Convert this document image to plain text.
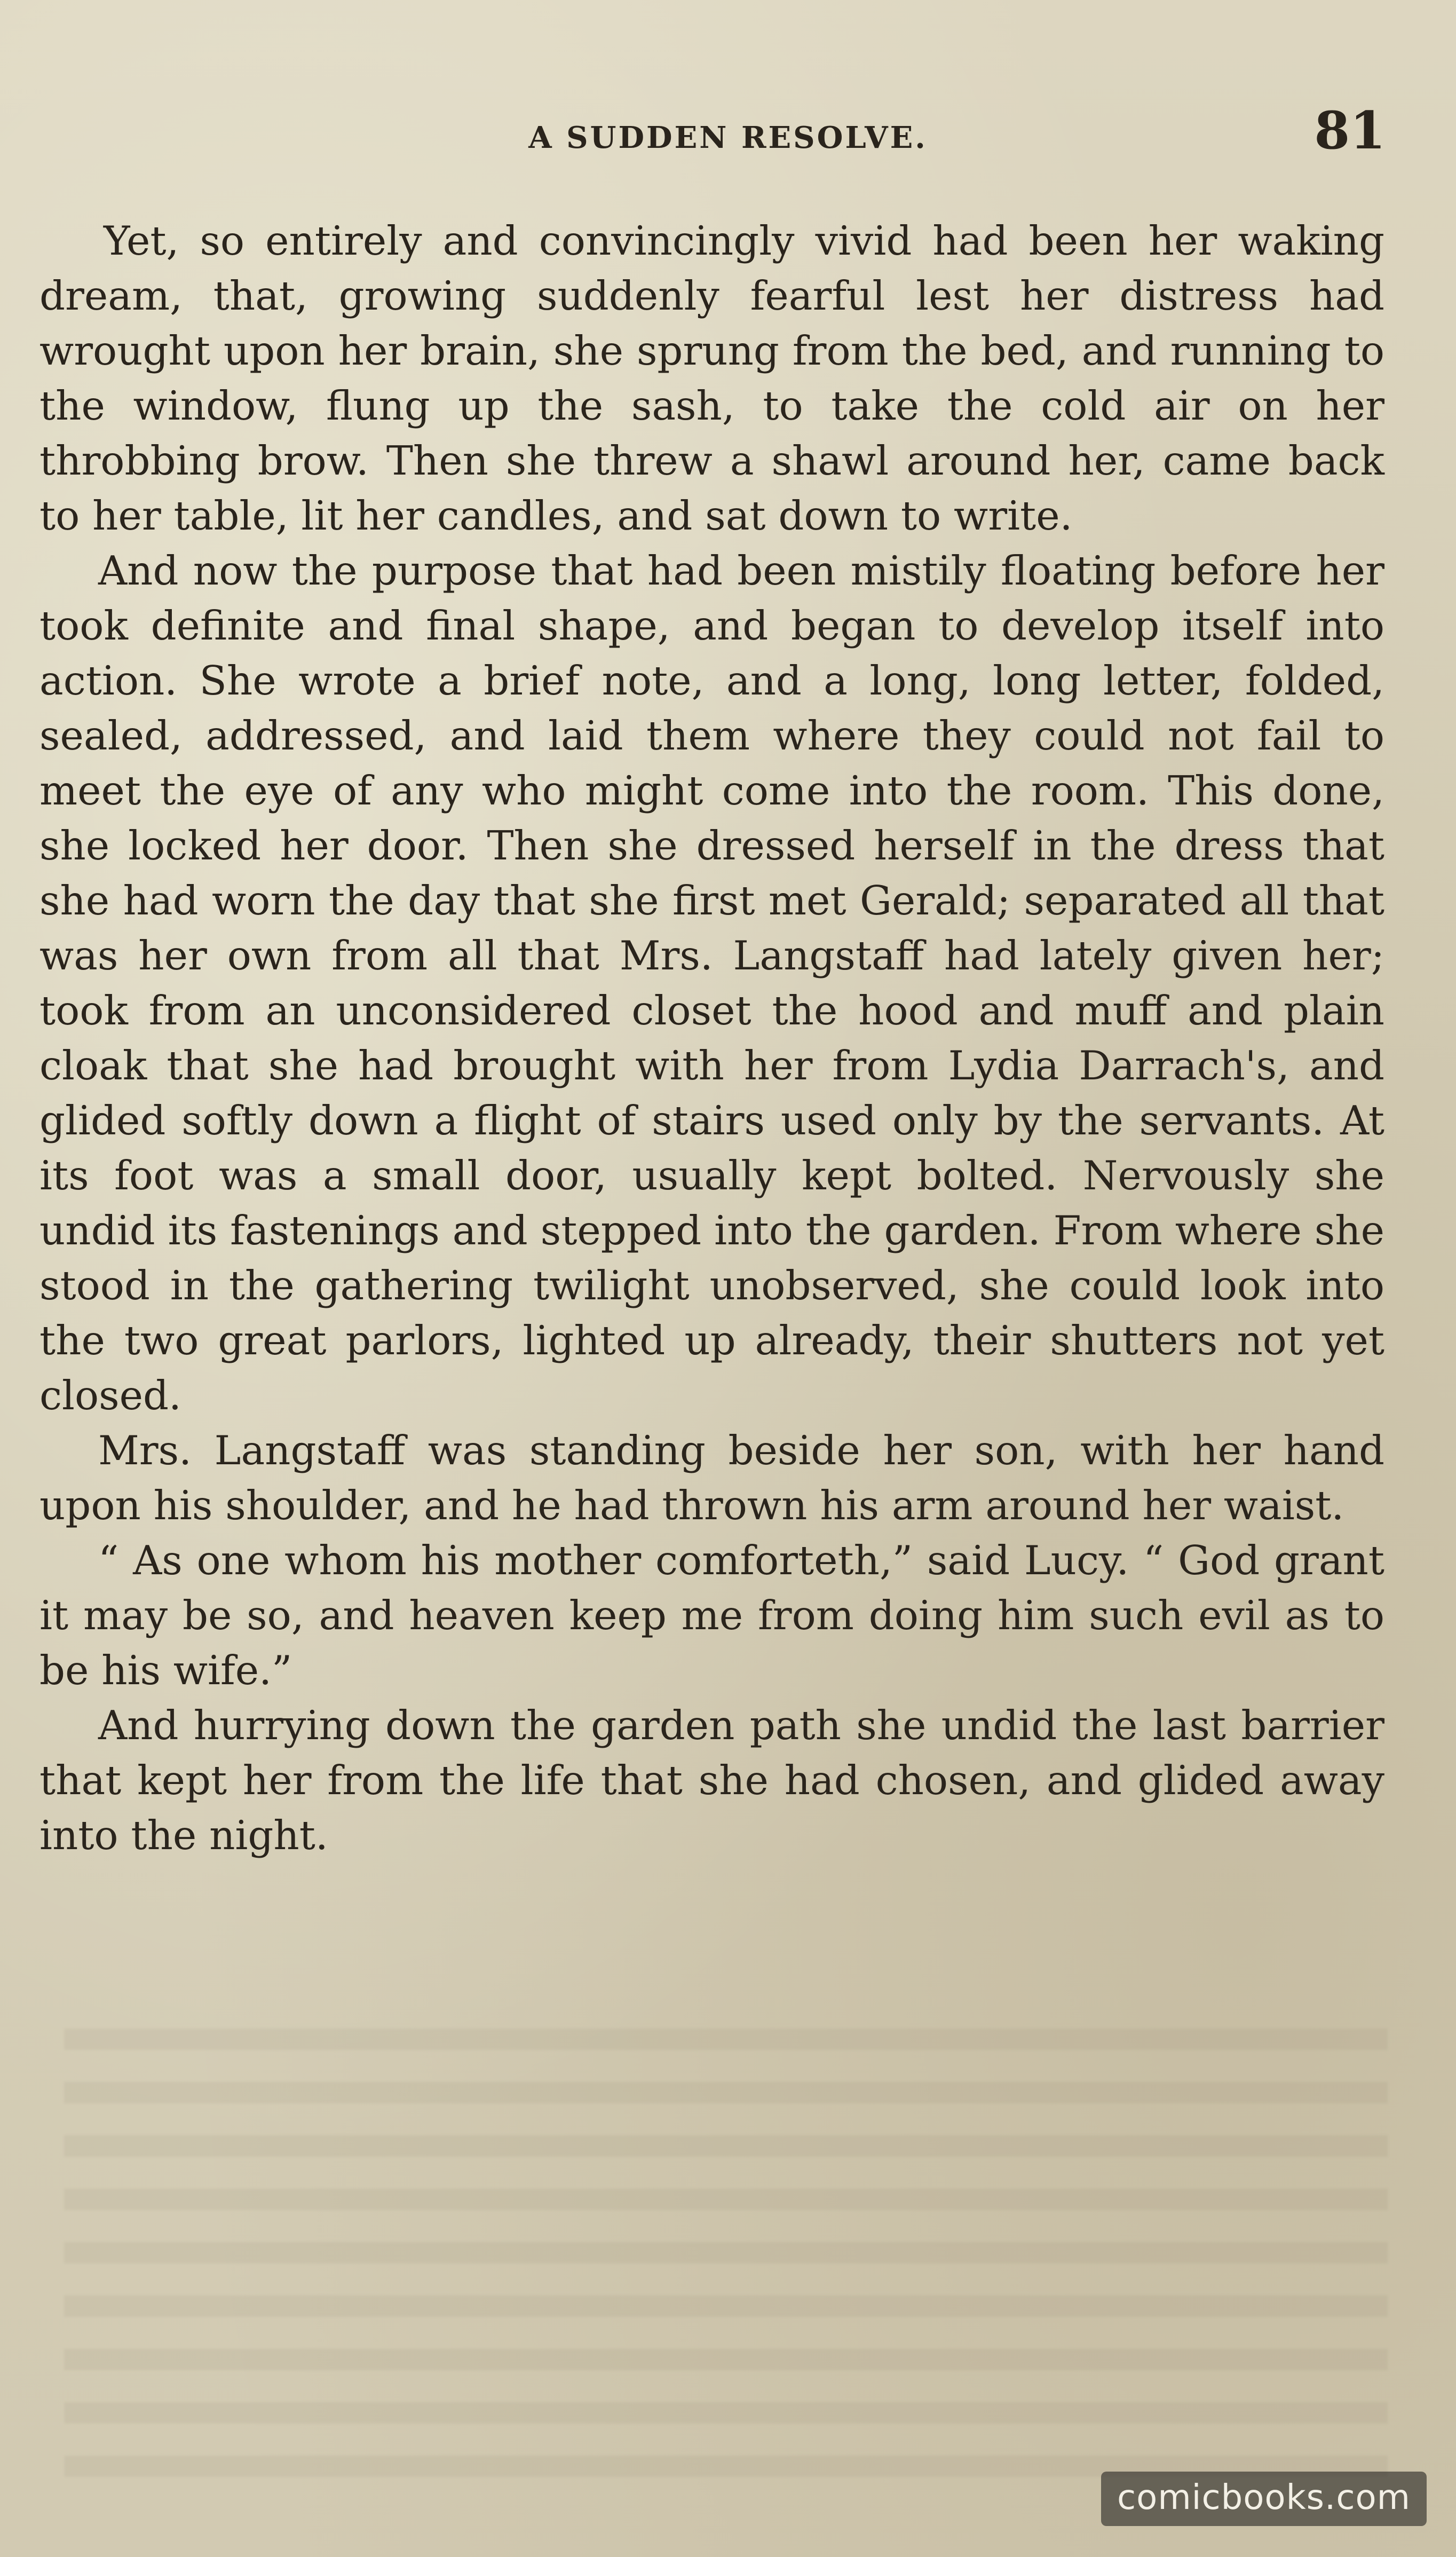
A SUDDEN RESOLVE.	81

Yet, so entirely and convincingly vivid had been her waking dream, that, growing suddenly fearful lest her distress had wrought upon her brain, she sprung from the bed, and running to the window, flung up the sash, to take the cold air on her throbbing brow. Then she threw a shawl around her, came back to her table, lit her candles, and sat down to write.

And now the purpose that had been mistily floating before her took definite and final shape, and began to develop itself into action. She wrote a brief note, and a long, long letter, folded, sealed, addressed, and laid them where they could not fail to meet the eye of any who might come into the room. This done, she locked her door. Then she dressed herself in the dress that she had worn the day that she first met Gerald; separated all that was her own from all that Mrs. Langstaff had lately given her; took from an unconsidered closet the hood and muff and plain cloak that she had brought with her from Lydia Darrach's, and glided softly down a flight of stairs used only by the servants. At its foot was a small door, usually kept bolted. Nervously she undid its fastenings and stepped into the garden. From where she stood in the gathering twilight unobserved, she could look into the two great parlors, lighted up already, their shutters not yet closed.

Mrs. Langstaff was standing beside her son, with her hand upon his shoulder, and he had thrown his arm around her waist.

“ As one whom his mother comforteth,” said Lucy. “ God grant it may be so, and heaven keep me from doing him such evil as to be his wife.”

And hurrying down the garden path she undid the last barrier that kept her from the life that she had chosen, and glided away into the night.

comicbooks.com
